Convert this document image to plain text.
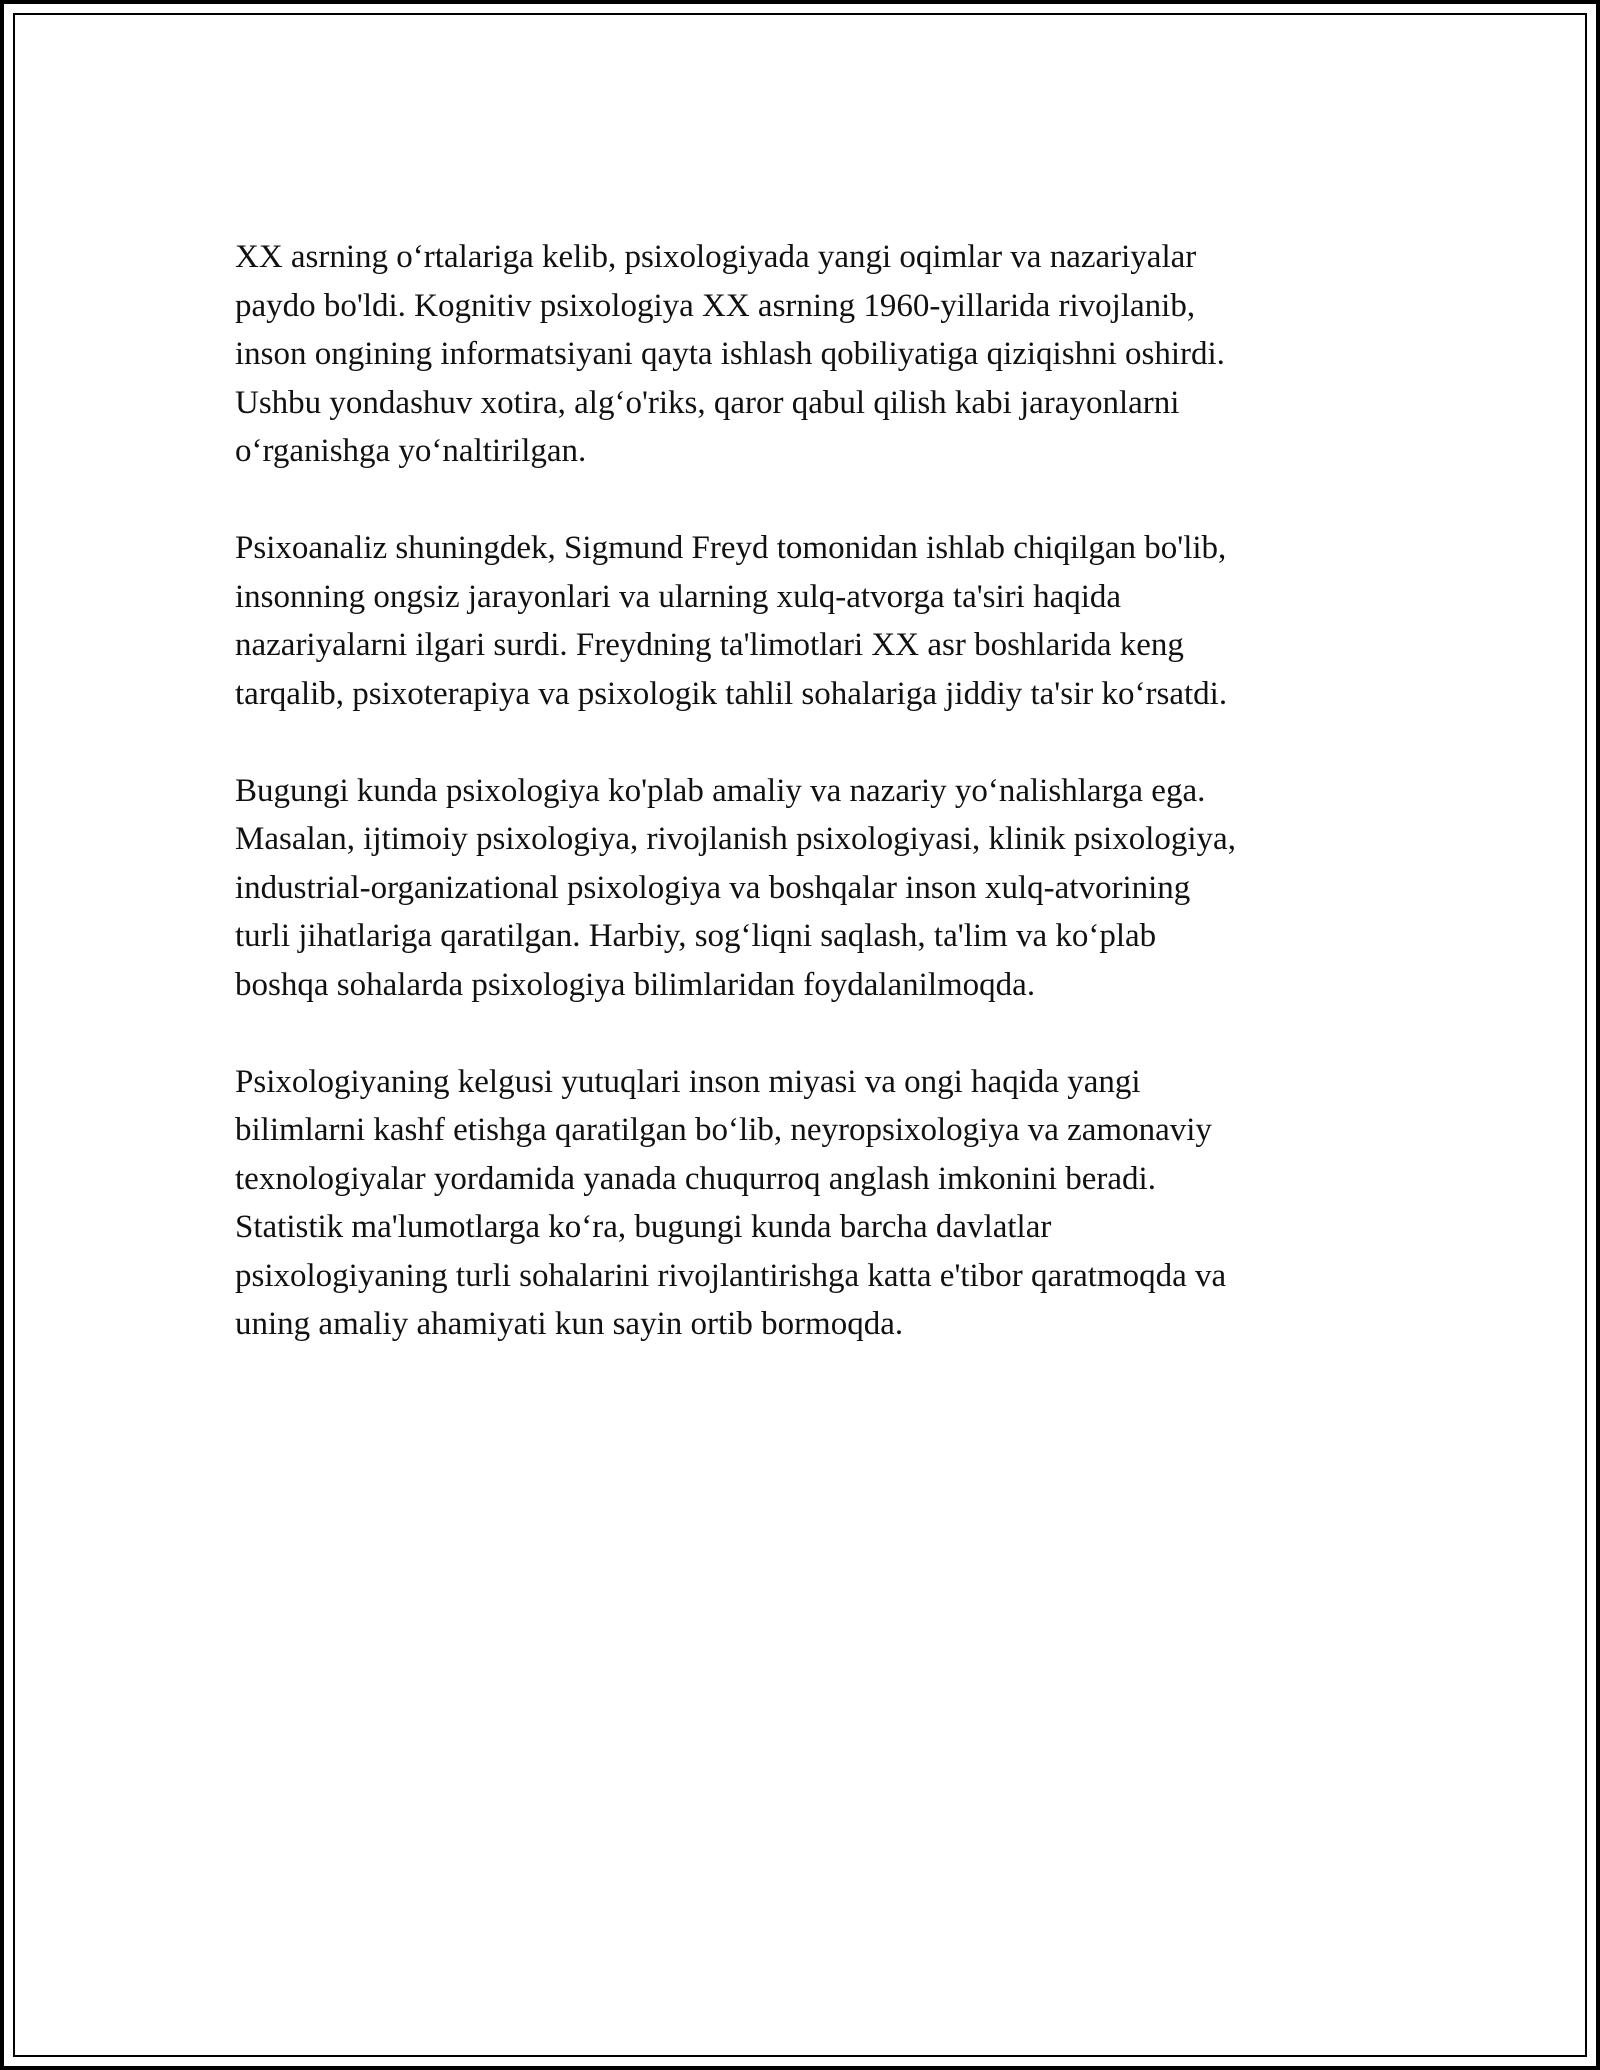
XX asrning o‘rtalariga kelib, psixologiyada yangi oqimlar va nazariyalar
paydo bo'ldi. Kognitiv psixologiya XX asrning 1960-yillarida rivojlanib,
inson ongining informatsiyani qayta ishlash qobiliyatiga qiziqishni oshirdi.
Ushbu yondashuv xotira, alg‘o'riks, qaror qabul qilish kabi jarayonlarni
o‘rganishga yo‘naltirilgan.

Psixoanaliz shuningdek, Sigmund Freyd tomonidan ishlab chiqilgan bo'lib,
insonning ongsiz jarayonlari va ularning xulq-atvorga ta'siri haqida
nazariyalarni ilgari surdi. Freydning ta'limotlari XX asr boshlarida keng
tarqalib, psixoterapiya va psixologik tahlil sohalariga jiddiy ta'sir ko‘rsatdi.

Bugungi kunda psixologiya ko'plab amaliy va nazariy yo‘nalishlarga ega.
Masalan, ijtimoiy psixologiya, rivojlanish psixologiyasi, klinik psixologiya,
industrial-organizational psixologiya va boshqalar inson xulq-atvorining
turli jihatlariga qaratilgan. Harbiy, sog‘liqni saqlash, ta'lim va ko‘plab
boshqa sohalarda psixologiya bilimlaridan foydalanilmoqda.

Psixologiyaning kelgusi yutuqlari inson miyasi va ongi haqida yangi
bilimlarni kashf etishga qaratilgan bo‘lib, neyropsixologiya va zamonaviy
texnologiyalar yordamida yanada chuqurroq anglash imkonini beradi.
Statistik ma'lumotlarga ko‘ra, bugungi kunda barcha davlatlar
psixologiyaning turli sohalarini rivojlantirishga katta e'tibor qaratmoqda va
uning amaliy ahamiyati kun sayin ortib bormoqda.
